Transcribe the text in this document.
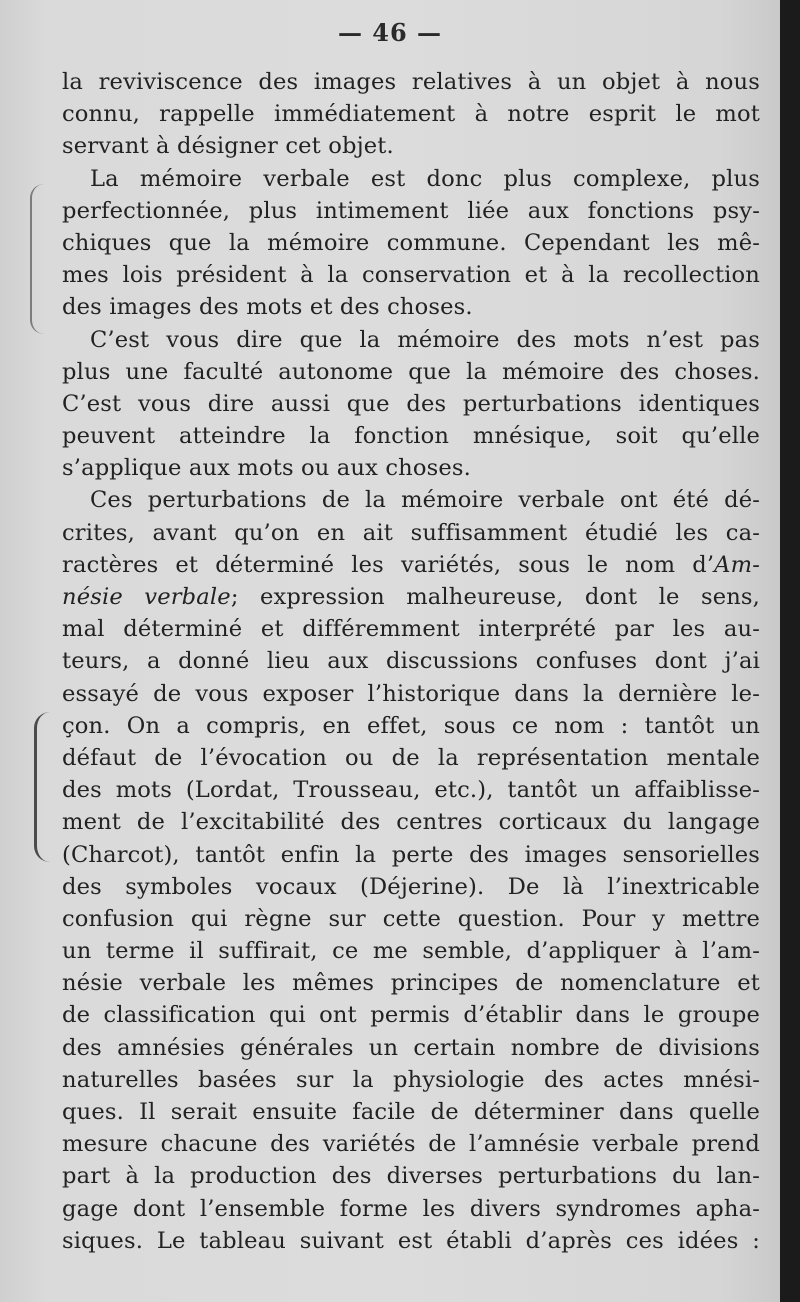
— 46 —
la reviviscence des images relatives à un objet à nous
connu, rappelle immédiatement à notre esprit le mot
servant à désigner cet objet.
La mémoire verbale est donc plus complexe, plus
perfectionnée, plus intimement liée aux fonctions psy-
chiques que la mémoire commune. Cependant les mê-
mes lois président à la conservation et à la recollection
des images des mots et des choses.
C’est vous dire que la mémoire des mots n’est pas
plus une faculté autonome que la mémoire des choses.
C’est vous dire aussi que des perturbations identiques
peuvent atteindre la fonction mnésique, soit qu’elle
s’applique aux mots ou aux choses.
Ces perturbations de la mémoire verbale ont été dé-
crites, avant qu’on en ait suffisamment étudié les ca-
ractères et déterminé les variétés, sous le nom d’Am-
nésie verbale; expression malheureuse, dont le sens,
mal déterminé et différemment interprété par les au-
teurs, a donné lieu aux discussions confuses dont j’ai
essayé de vous exposer l’historique dans la dernière le-
çon. On a compris, en effet, sous ce nom : tantôt un
défaut de l’évocation ou de la représentation mentale
des mots (Lordat, Trousseau, etc.), tantôt un affaiblisse-
ment de l’excitabilité des centres corticaux du langage
(Charcot), tantôt enfin la perte des images sensorielles
des symboles vocaux (Déjerine). De là l’inextricable
confusion qui règne sur cette question. Pour y mettre
un terme il suffirait, ce me semble, d’appliquer à l’am-
nésie verbale les mêmes principes de nomenclature et
de classification qui ont permis d’établir dans le groupe
des amnésies générales un certain nombre de divisions
naturelles basées sur la physiologie des actes mnési-
ques. Il serait ensuite facile de déterminer dans quelle
mesure chacune des variétés de l’amnésie verbale prend
part à la production des diverses perturbations du lan-
gage dont l’ensemble forme les divers syndromes apha-
siques. Le tableau suivant est établi d’après ces idées :
